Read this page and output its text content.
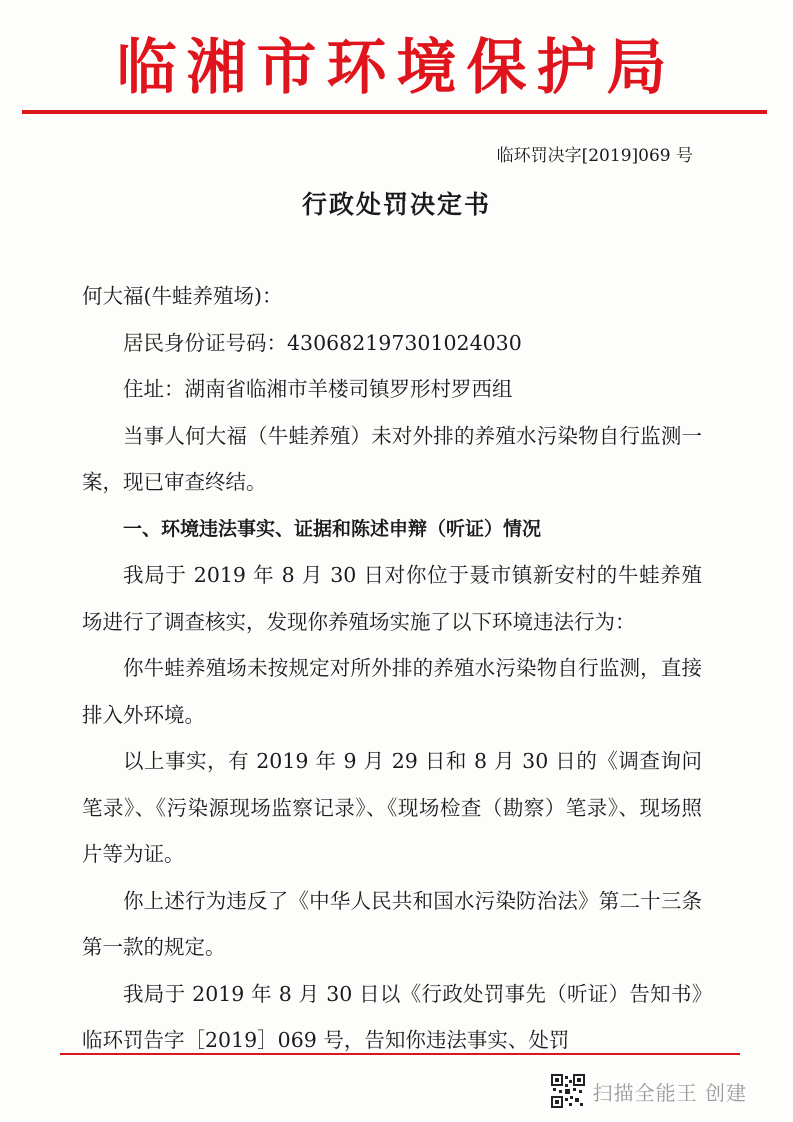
临湘市环境保护局
临环罚决字[2019]069 号
行政处罚决定书

何大福(牛蛙养殖场)：

居民身份证号码：430682197301024030

住址：湖南省临湘市羊楼司镇罗形村罗西组

当事人何大福（牛蛙养殖）未对外排的养殖水污染物自行监测一案，现已审查终结。

一、环境违法事实、证据和陈述申辩（听证）情况

我局于 2019 年 8 月 30 日对你位于聂市镇新安村的牛蛙养殖场进行了调查核实，发现你养殖场实施了以下环境违法行为：

你牛蛙养殖场未按规定对所外排的养殖水污染物自行监测，直接排入外环境。

以上事实，有 2019 年 9 月 29 日和 8 月 30 日的《调查询问笔录》、《污染源现场监察记录》、《现场检查（勘察）笔录》、现场照片等为证。

你上述行为违反了《中华人民共和国水污染防治法》第二十三条第一款的规定。

我局于 2019 年 8 月 30 日以《行政处罚事先（听证）告知书》临环罚告字［2019］069 号，告知你违法事实、处罚

扫描全能王 创建
